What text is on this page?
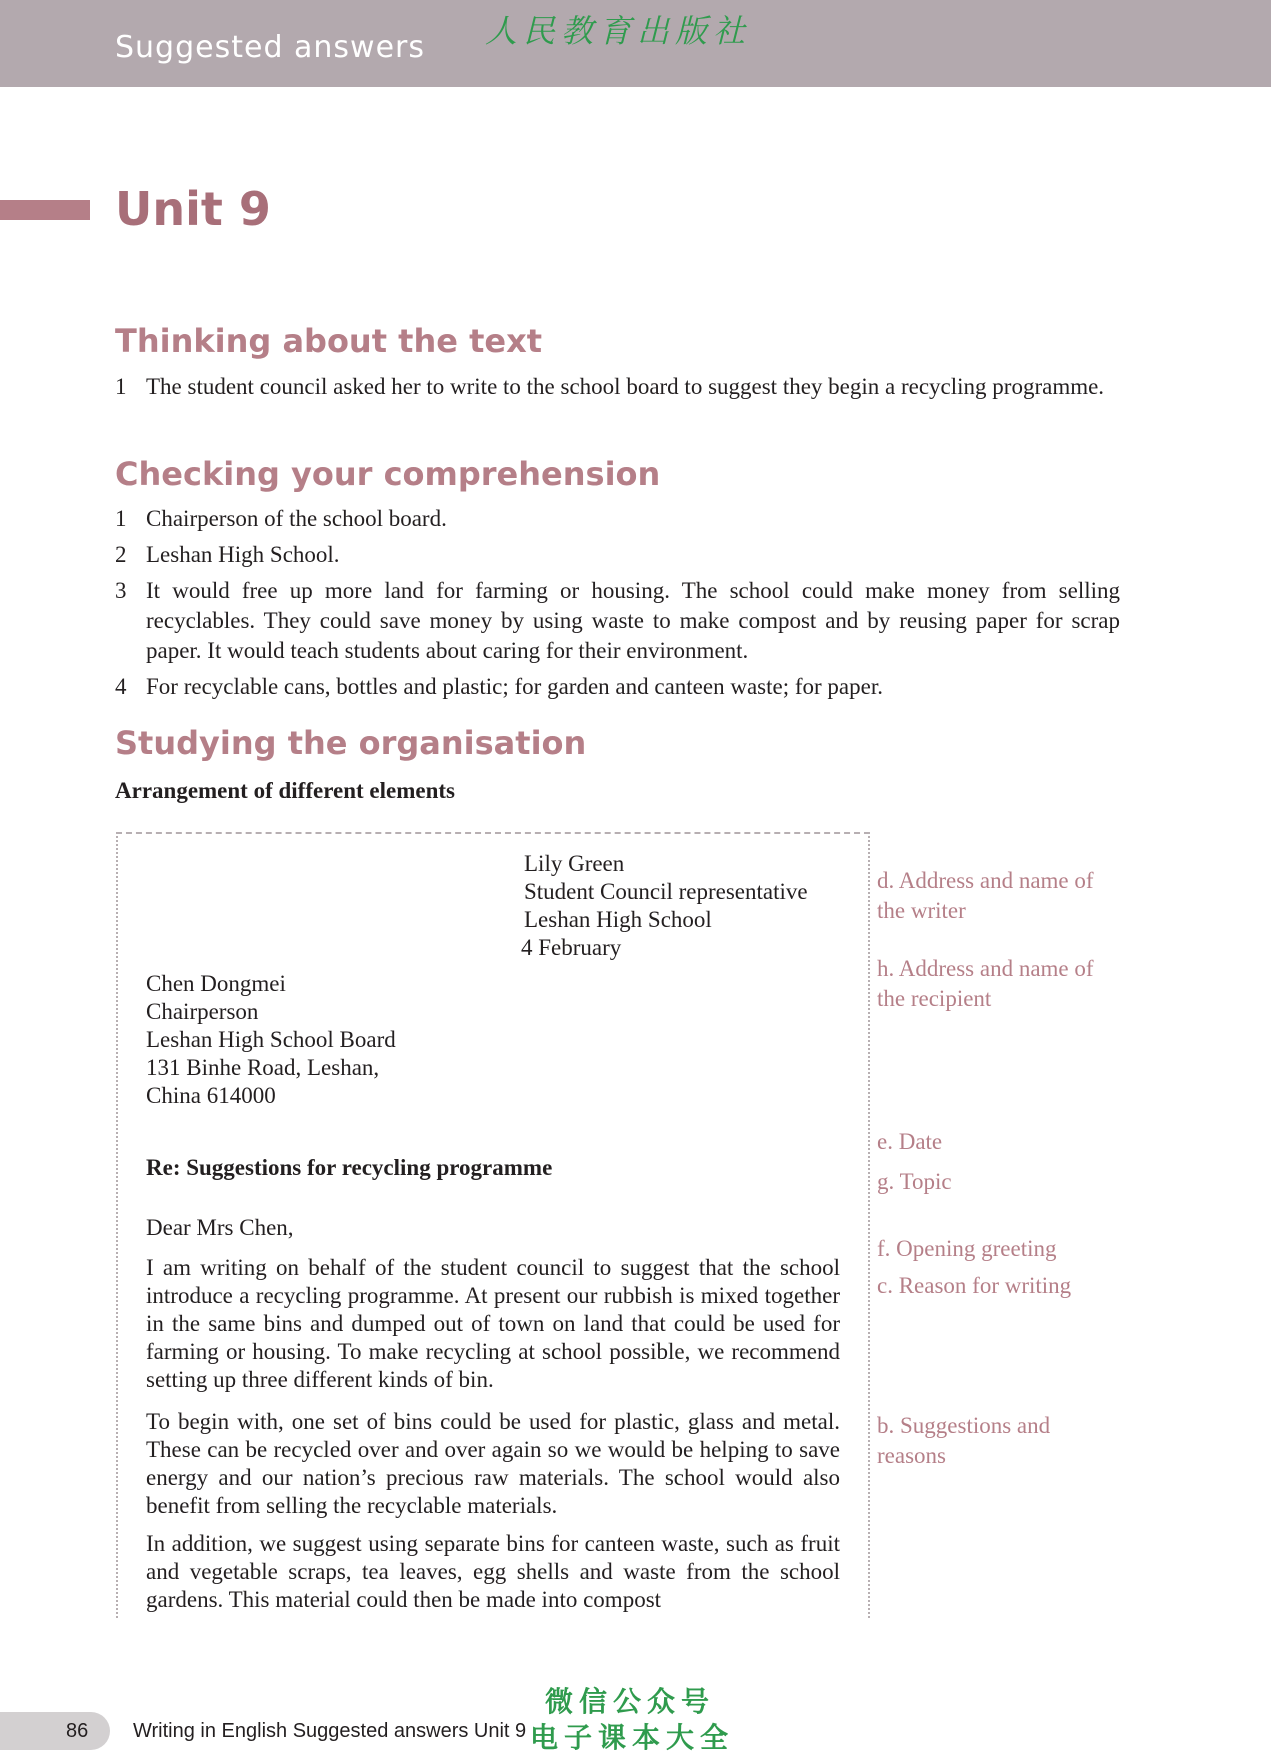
Suggested answers 人民教育出版社
Unit 9
Thinking about the text
1 The student council asked her to write to the school board to suggest they begin a recycling programme.
Checking your comprehension
1 Chairperson of the school board.
2 Leshan High School.
3 It would free up more land for farming or housing. The school could make money from selling recyclables. They could save money by using waste to make compost and by reusing paper for scrap paper. It would teach students about caring for their environment.
4 For recyclable cans, bottles and plastic; for garden and canteen waste; for paper.
Studying the organisation
Arrangement of different elements
Lily Green
Student Council representative
Leshan High School
4 February
Chen Dongmei
Chairperson
Leshan High School Board
131 Binhe Road, Leshan,
China 614000
Re: Suggestions for recycling programme
Dear Mrs Chen,
I am writing on behalf of the student council to suggest that the school introduce a recycling programme. At present our rubbish is mixed together in the same bins and dumped out of town on land that could be used for farming or housing. To make recycling at school possible, we recommend setting up three different kinds of bin.
To begin with, one set of bins could be used for plastic, glass and metal. These can be recycled over and over again so we would be helping to save energy and our nation’s precious raw materials. The school would also benefit from selling the recyclable materials.
In addition, we suggest using separate bins for canteen waste, such as fruit and vegetable scraps, tea leaves, egg shells and waste from the school gardens. This material could then be made into compost
d. Address and name of the writer
h. Address and name of the recipient
e. Date
g. Topic
f. Opening greeting
c. Reason for writing
b. Suggestions and reasons
86 Writing in English Suggested answers Unit 9
微信公众号
电子课本大全
